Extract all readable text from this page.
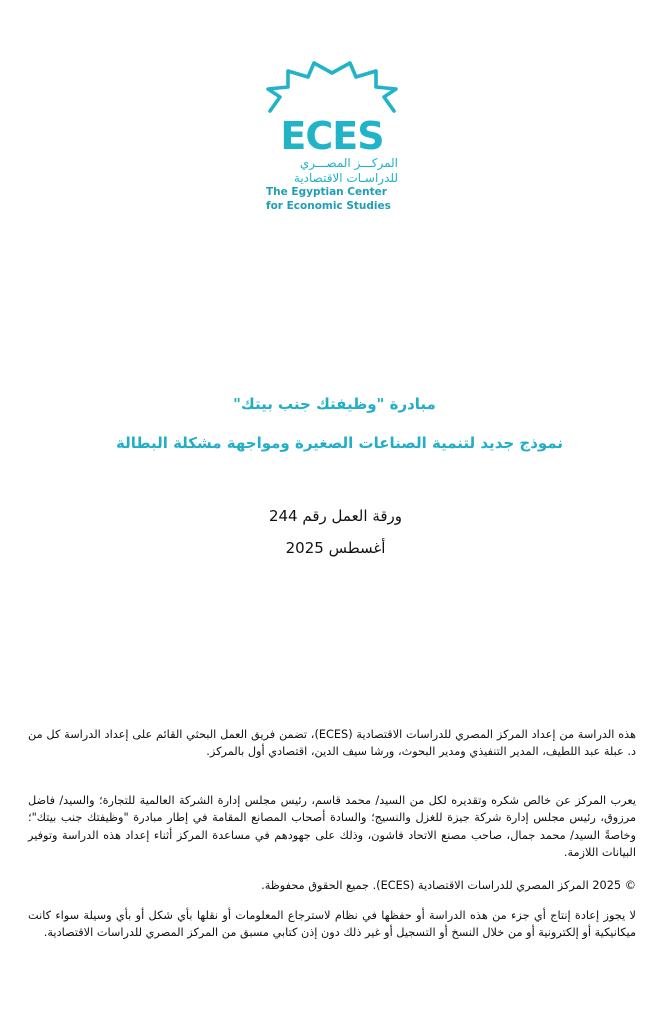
ECES
المركـــز المصـــري
للدراسـات الاقتصادية
The Egyptian Center
for Economic Studies
مبادرة "وظيفتك جنب بيتك"
نموذج جديد لتنمية الصناعات الصغيرة ومواجهة مشكلة البطالة
ورقة العمل رقم 244
أغسطس 2025

هذه الدراسة من إعداد المركز المصري للدراسات الاقتصادية (ECES)، تضمن فريق العمل البحثي القائم على إعداد الدراسة كل من د. عبلة عبد اللطيف، المدير التنفيذي ومدير البحوث، ورشا سيف الدين، اقتصادي أول بالمركز.

يعرب المركز عن خالص شكره وتقديره لكل من السيد/ محمد قاسم، رئيس مجلس إدارة الشركة العالمية للتجارة؛ والسيد/ فاضل مرزوق، رئيس مجلس إدارة شركة جيزة للغزل والنسيج؛ والسادة أصحاب المصانع المقامة في إطار مبادرة "وظيفتك جنب بيتك"؛ وخاصةً السيد/ محمد جمال، صاحب مصنع الاتحاد فاشون، وذلك على جهودهم في مساعدة المركز أثناء إعداد هذه الدراسة وتوفير البيانات اللازمة.

© 2025 المركز المصري للدراسات الاقتصادية (ECES). جميع الحقوق محفوظة.

لا يجوز إعادة إنتاج أي جزء من هذه الدراسة أو حفظها في نظام لاسترجاع المعلومات أو نقلها بأي شكل أو بأي وسيلة سواء كانت ميكانيكية أو إلكترونية أو من خلال النسخ أو التسجيل أو غير ذلك دون إذن كتابي مسبق من المركز المصري للدراسات الاقتصادية.
